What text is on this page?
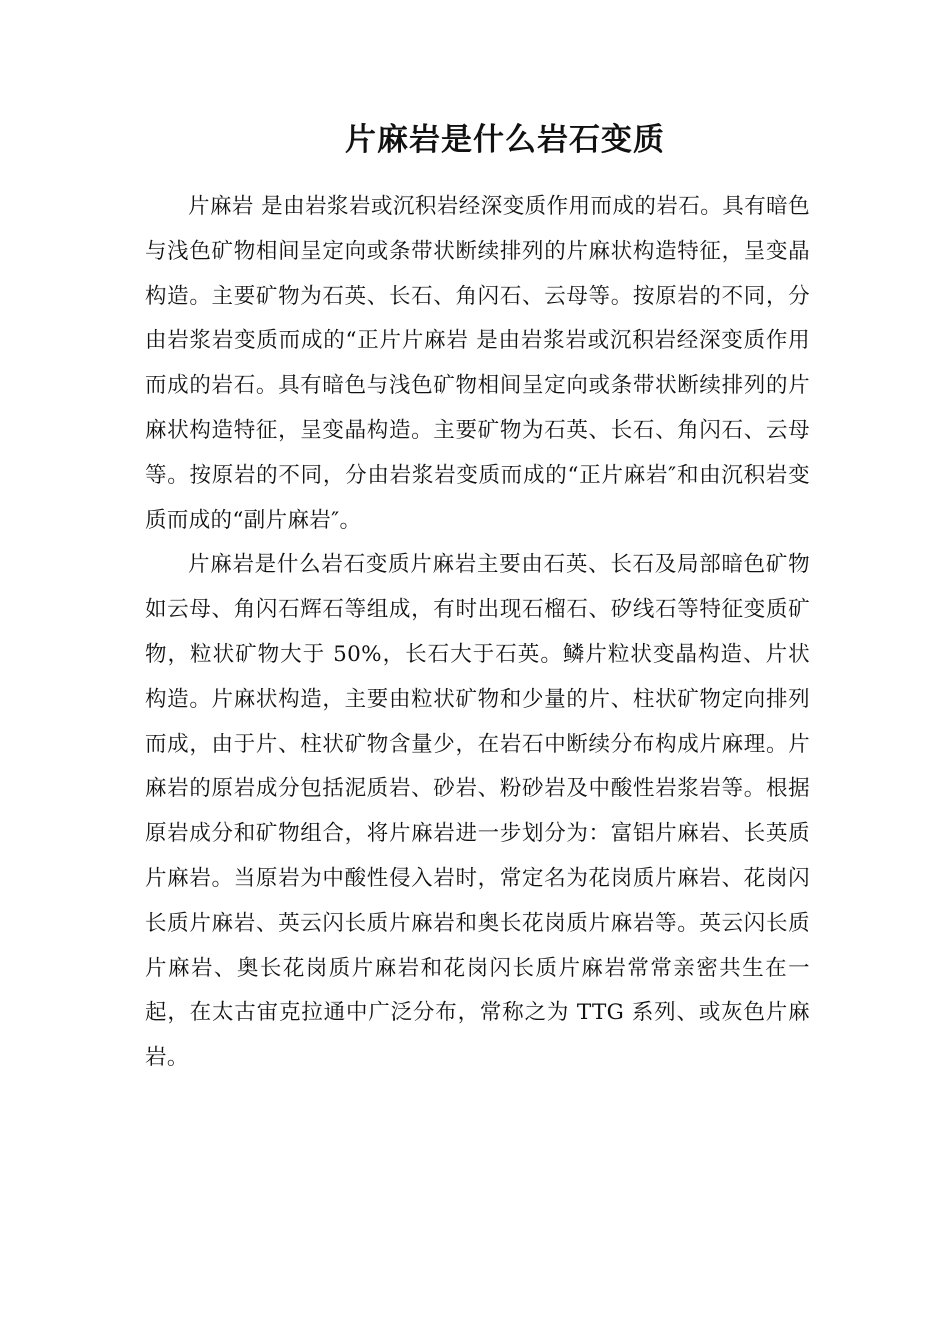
片麻岩是什么岩石变质

片麻岩 是由岩浆岩或沉积岩经深变质作用而成的岩石。具有暗色与浅色矿物相间呈定向或条带状断续排列的片麻状构造特征，呈变晶构造。主要矿物为石英、长石、角闪石、云母等。按原岩的不同，分由岩浆岩变质而成的“正片片麻岩 是由岩浆岩或沉积岩经深变质作用而成的岩石。具有暗色与浅色矿物相间呈定向或条带状断续排列的片麻状构造特征，呈变晶构造。主要矿物为石英、长石、角闪石、云母等。按原岩的不同，分由岩浆岩变质而成的“正片麻岩″和由沉积岩变质而成的“副片麻岩″。

片麻岩是什么岩石变质片麻岩主要由石英、长石及局部暗色矿物如云母、角闪石辉石等组成，有时出现石榴石、矽线石等特征变质矿物，粒状矿物大于 50%，长石大于石英。鳞片粒状变晶构造、片状构造。片麻状构造，主要由粒状矿物和少量的片、柱状矿物定向排列而成，由于片、柱状矿物含量少，在岩石中断续分布构成片麻理。片麻岩的原岩成分包括泥质岩、砂岩、粉砂岩及中酸性岩浆岩等。根据原岩成分和矿物组合，将片麻岩进一步划分为：富铝片麻岩、长英质片麻岩。当原岩为中酸性侵入岩时，常定名为花岗质片麻岩、花岗闪长质片麻岩、英云闪长质片麻岩和奥长花岗质片麻岩等。英云闪长质片麻岩、奥长花岗质片麻岩和花岗闪长质片麻岩常常亲密共生在一起，在太古宙克拉通中广泛分布，常称之为 TTG 系列、或灰色片麻岩。
